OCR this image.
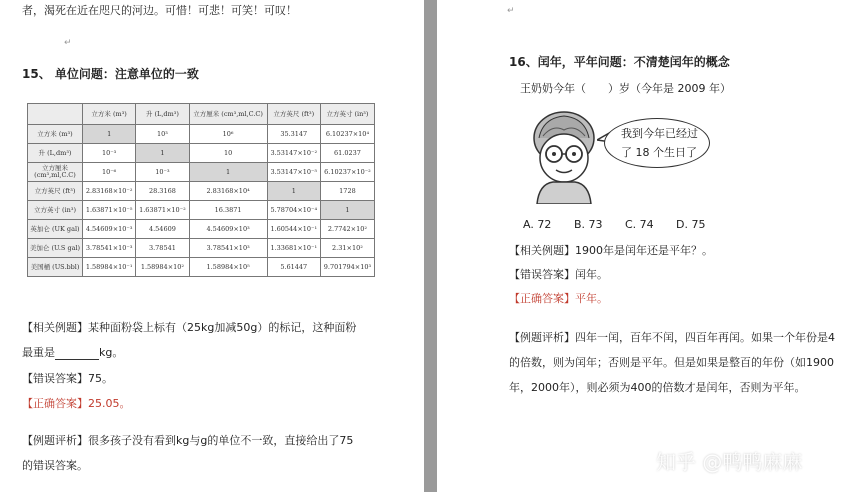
者，渴死在近在咫尺的河边。可惜！可悲！可笑！可叹！
↵
15、 单位问题：注意单位的一致
	立方米 (m³)	升 (L,dm³)	立方厘米 (cm³,ml,C.C)	立方英尺 (ft³)	立方英寸 (in³)
立方米 (m³)	1	10³	10⁶	35.3147	6.10237×10⁴
升 (L,dm³)	10⁻³	1	10	3.53147×10⁻²	61.0237
立方厘米 (cm³,ml,C.C)	10⁻⁶	10⁻³	1	3.53147×10⁻⁵	6.10237×10⁻²
立方英尺 (ft³)	2.83168×10⁻²	28.3168	2.83168×10⁴	1	1728
立方英寸 (in³)	1.63871×10⁻⁵	1.63871×10⁻²	16.3871	5.78704×10⁻⁴	1
英加仑 (UK gal)	4.54609×10⁻³	4.54609	4.54609×10³	1.60544×10⁻¹	2.7742×10²
美加仑 (U.S gal)	3.78541×10⁻³	3.78541	3.78541×10³	1.33681×10⁻¹	2.31×10²
美国桶 (US.bbl)	1.58984×10⁻¹	1.58984×10²	1.58984×10⁵	5.61447	9.701794×10³
【相关例题】某种面粉袋上标有（25kg加减50g）的标记，这种面粉
最重是	kg。
【错误答案】75。
【正确答案】25.05。
【例题评析】很多孩子没有看到kg与g的单位不一致，直接给出了75
的错误答案。
↵
16、闰年，平年问题：不清楚闰年的概念
王奶奶今年（　　）岁（今年是 2009 年）
我到今年已经过
了 18 个生日了
A. 72 B. 73 C. 74 D. 75
【相关例题】1900年是闰年还是平年？。
【错误答案】闰年。
【正确答案】平年。
【例题评析】四年一闰，百年不闰，四百年再闰。如果一个年份是4
的倍数，则为闰年；否则是平年。但是如果是整百的年份（如1900
年，2000年），则必须为400的倍数才是闰年，否则为平年。
知乎 @鸭鸭麻麻
